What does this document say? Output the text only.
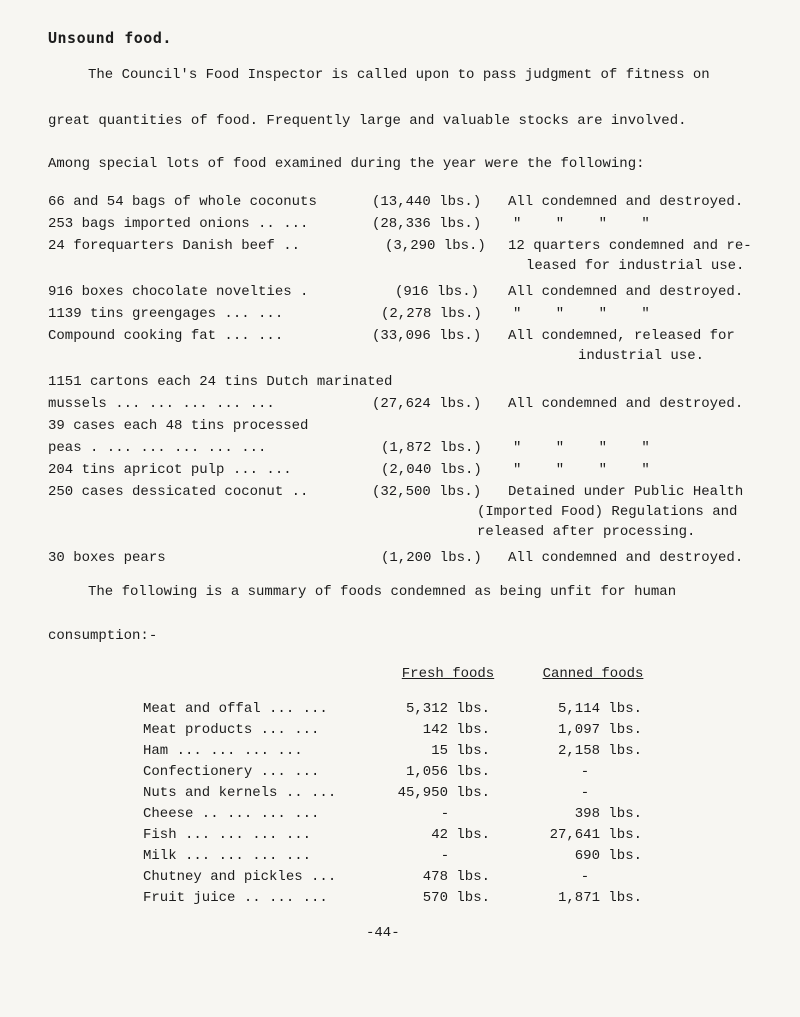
Unsound food.
The Council's Food Inspector is called upon to pass judgment of fitness on
great quantities of food. Frequently large and valuable stocks are involved.
Among special lots of food examined during the year were the following:
66 and 54 bags of whole coconuts	(13,440 lbs.) All condemned and destroyed.
253 bags imported onions .. ...	(28,336 lbs.) " " " "
24 forequarters Danish beef ..	(3,290 lbs.) 12 quarters condemned and re-
leased for industrial use.
916 boxes chocolate novelties .	(916 lbs.) All condemned and destroyed.
1139 tins greengages ... ...	(2,278 lbs.) " " " "
Compound cooking fat ... ...	(33,096 lbs.) All condemned, released for
industrial use.
1151 cartons each 24 tins Dutch marinated
mussels ... ... ... ... ...	(27,624 lbs.) All condemned and destroyed.
39 cases each 48 tins processed
peas . ... ... ... ... ...	(1,872 lbs.) " " " "
204 tins apricot pulp ... ...	(2,040 lbs.) " " " "
250 cases dessicated coconut ..	(32,500 lbs.) Detained under Public Health
(Imported Food) Regulations and
released after processing.
30 boxes pears	(1,200 lbs.) All condemned and destroyed.
The following is a summary of foods condemned as being unfit for human
consumption:-
Fresh foods	Canned foods
Meat and offal ... ...	5,312 lbs.	5,114 lbs.
Meat products ... ...	142 lbs.	1,097 lbs.
Ham ... ... ... ...	15 lbs.	2,158 lbs.
Confectionery ... ...	1,056 lbs.	-
Nuts and kernels .. ...	45,950 lbs.	-
Cheese .. ... ... ...	-	398 lbs.
Fish ... ... ... ...	42 lbs.	27,641 lbs.
Milk ... ... ... ...	-	690 lbs.
Chutney and pickles ...	478 lbs.	-
Fruit juice .. ... ...	570 lbs.	1,871 lbs.
-44-
